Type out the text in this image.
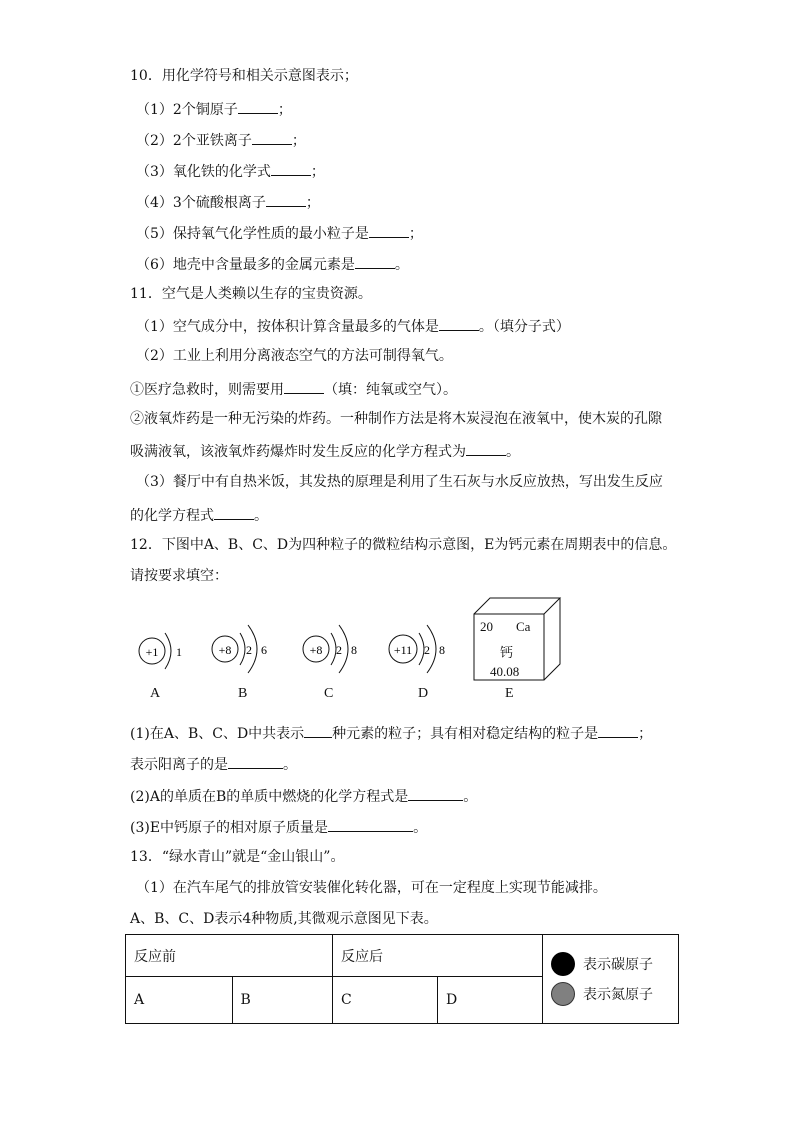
10．用化学符号和相关示意图表示；
（1）2个铜原子	；
（2）2个亚铁离子	；
（3）氧化铁的化学式	；
（4）3个硫酸根离子	；
（5）保持氧气化学性质的最小粒子是	；
（6）地壳中含量最多的金属元素是	。
11．空气是人类赖以生存的宝贵资源。
（1）空气成分中，按体积计算含量最多的气体是	。（填分子式）
（2）工业上利用分离液态空气的方法可制得氧气。
①医疗急救时，则需要用	（填：纯氧或空气）。
②液氧炸药是一种无污染的炸药。一种制作方法是将木炭浸泡在液氧中，使木炭的孔隙
吸满液氧，该液氧炸药爆炸时发生反应的化学方程式为	。
（3）餐厅中有自热米饭，其发热的原理是利用了生石灰与水反应放热，写出发生反应
的化学方程式	。
12．下图中A、B、C、D为四种粒子的微粒结构示意图，E为钙元素在周期表中的信息。
请按要求填空：
+1 1	+8 2 6	+8 2 8	+11 2 8
20 Ca
钙
40.08
A	B	C	D	E
(1)在A、B、C、D中共表示 种元素的粒子；具有相对稳定结构的粒子是	；
表示阳离子的是	。
(2)A的单质在B的单质中燃烧的化学方程式是	。
(3)E中钙原子的相对原子质量是	。
13．“绿水青山”就是“金山银山”。
（1）在汽车尾气的排放管安装催化转化器，可在一定程度上实现节能减排。
A、B、C、D表示4种物质,其微观示意图见下表。
反应前		反应后		表示碳原子
表示氮原子

A	B	C	D	
